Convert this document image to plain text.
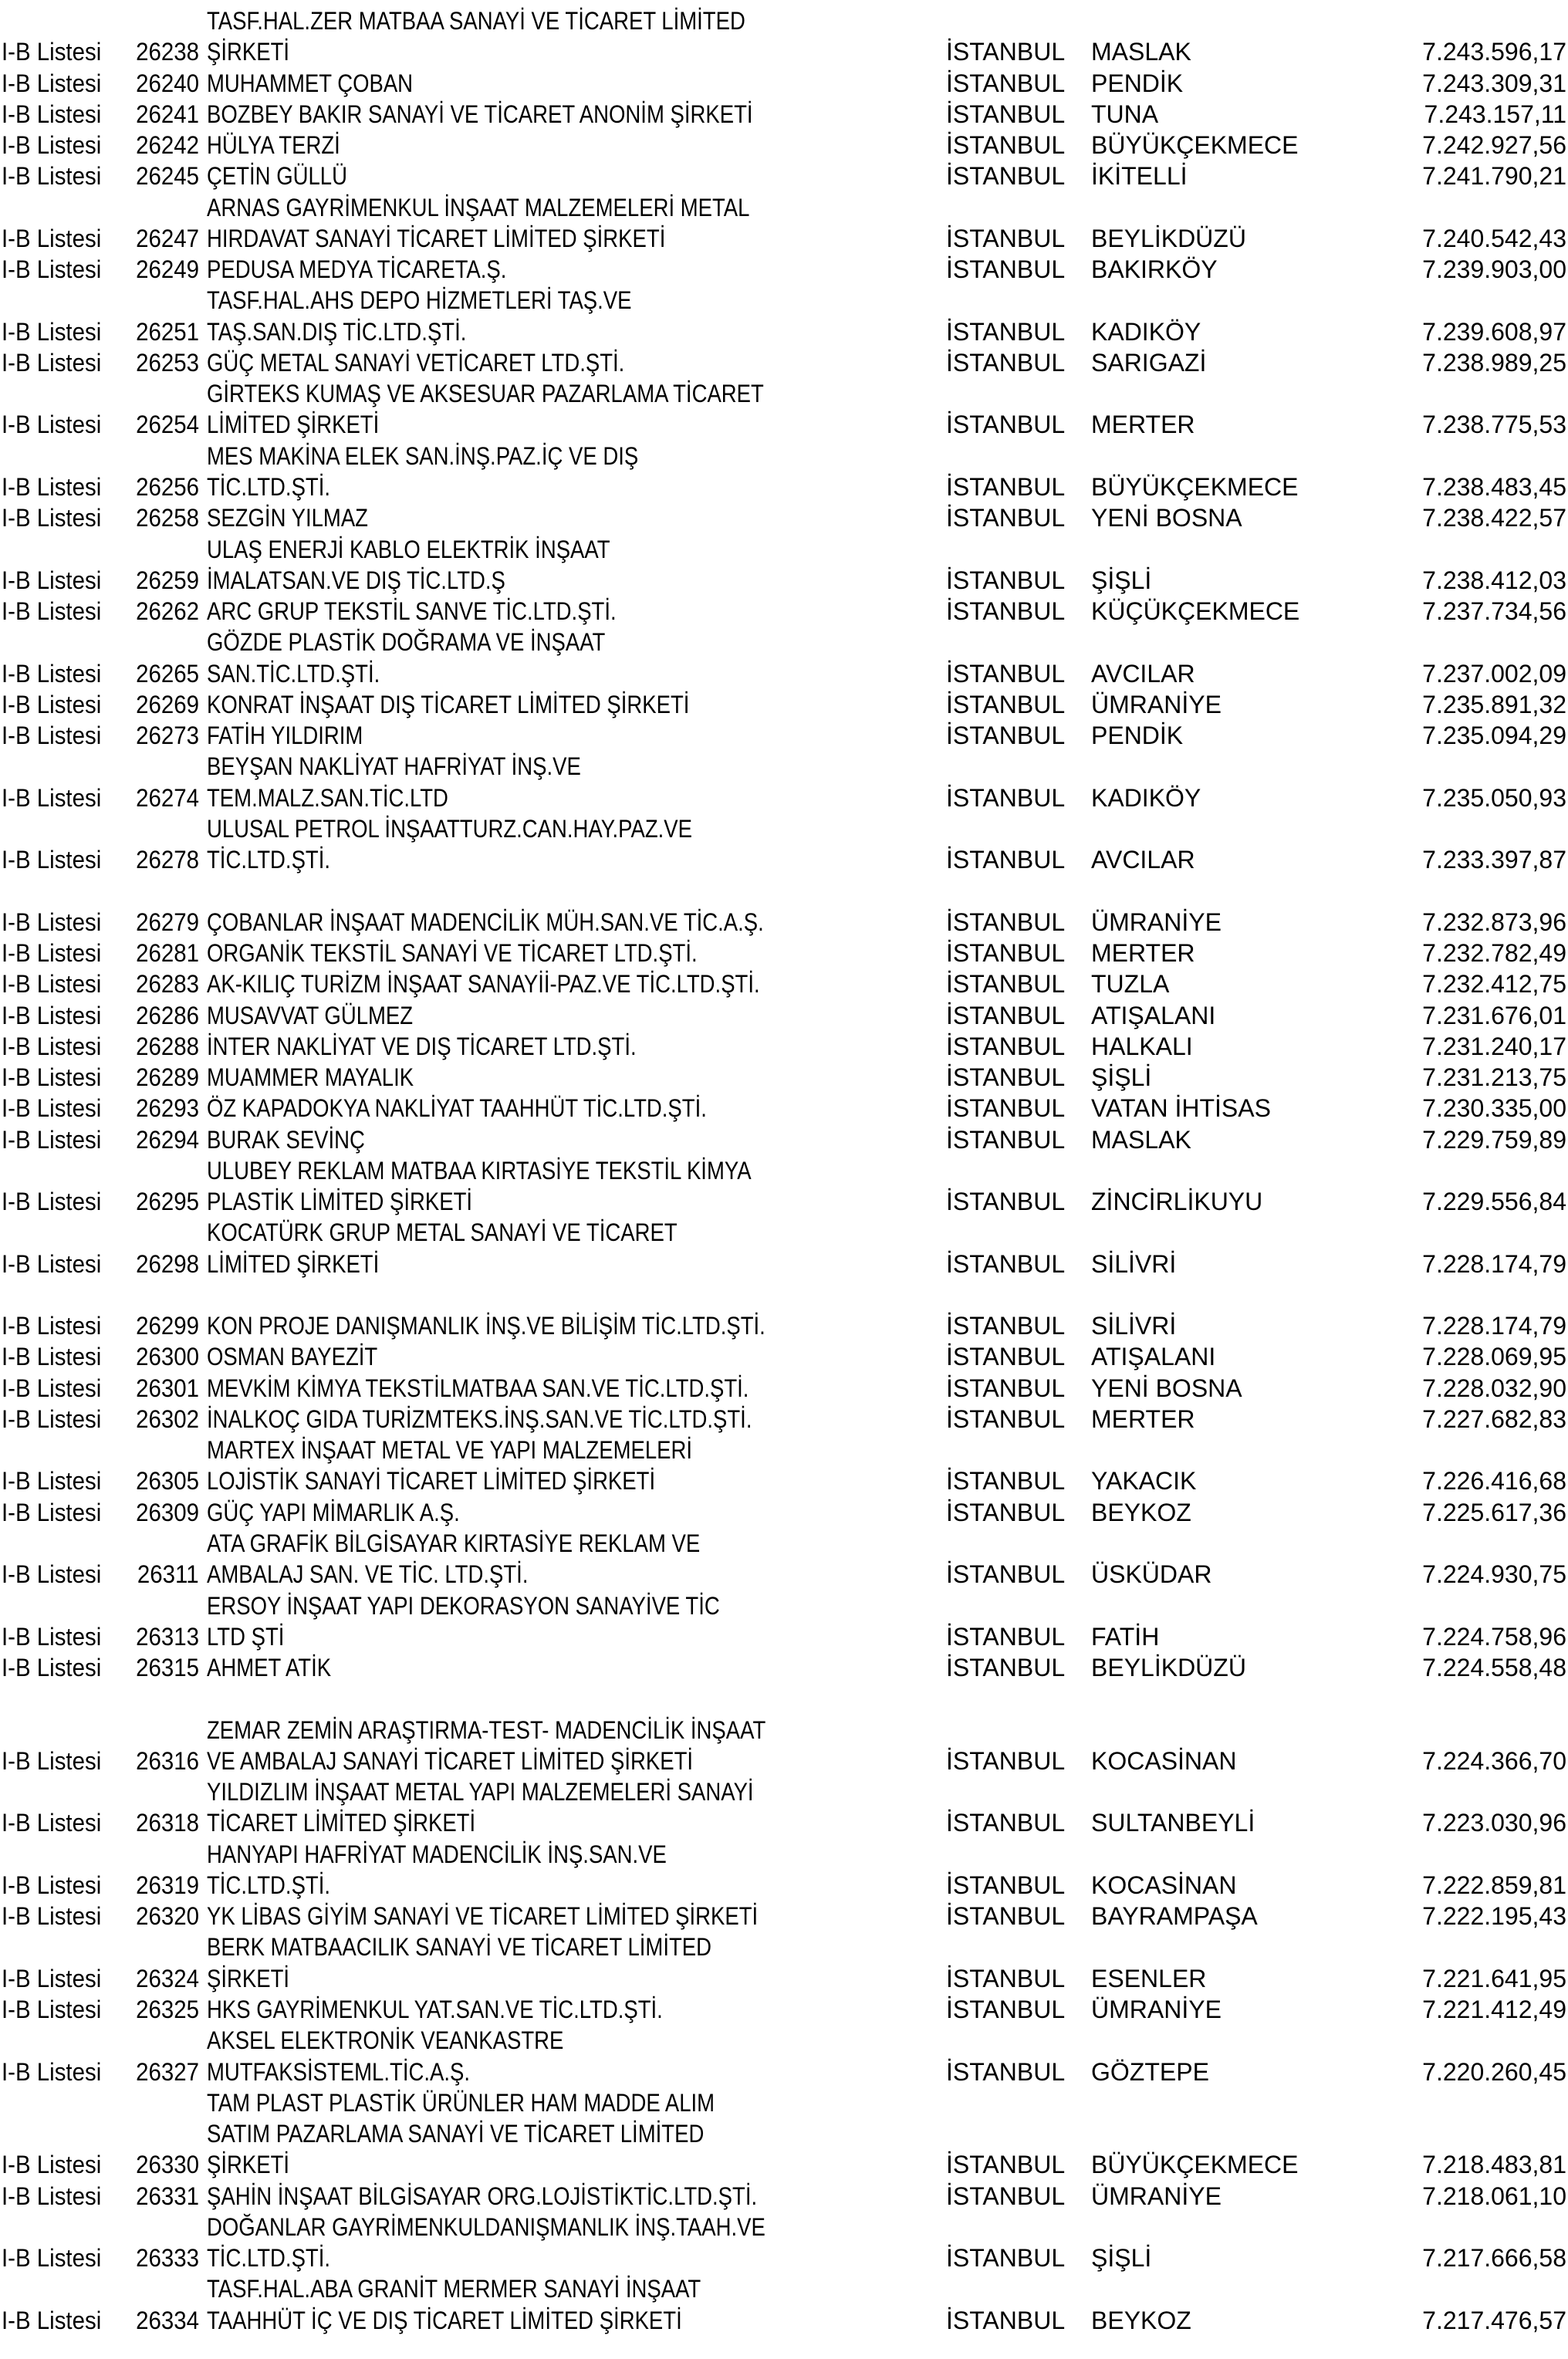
TASF.HAL.ZER MATBAA SANAYİ VE TİCARET LİMİTED
I-B Listesi 26238 ŞİRKETİ	İSTANBUL MASLAK	7.243.596,17
I-B Listesi 26240 MUHAMMET ÇOBAN	İSTANBUL PENDİK	7.243.309,31
I-B Listesi 26241 BOZBEY BAKIR SANAYİ VE TİCARET ANONİM ŞİRKETİ	İSTANBUL TUNA	7.243.157,11
I-B Listesi 26242 HÜLYA TERZİ	İSTANBUL BÜYÜKÇEKMECE	7.242.927,56
I-B Listesi 26245 ÇETİN GÜLLÜ	İSTANBUL İKİTELLİ	7.241.790,21
ARNAS GAYRİMENKUL İNŞAAT MALZEMELERİ METAL
I-B Listesi 26247 HIRDAVAT SANAYİ TİCARET LİMİTED ŞİRKETİ	İSTANBUL BEYLİKDÜZÜ	7.240.542,43
I-B Listesi 26249 PEDUSA MEDYA TİCARETA.Ş.	İSTANBUL BAKIRKÖY	7.239.903,00
TASF.HAL.AHS DEPO HİZMETLERİ TAŞ.VE
I-B Listesi 26251 TAŞ.SAN.DIŞ TİC.LTD.ŞTİ.	İSTANBUL KADIKÖY	7.239.608,97
I-B Listesi 26253 GÜÇ METAL SANAYİ VETİCARET LTD.ŞTİ.	İSTANBUL SARIGAZİ	7.238.989,25
GİRTEKS KUMAŞ VE AKSESUAR PAZARLAMA TİCARET
I-B Listesi 26254 LİMİTED ŞİRKETİ	İSTANBUL MERTER	7.238.775,53
MES MAKİNA ELEK SAN.İNŞ.PAZ.İÇ VE DIŞ
I-B Listesi 26256 TİC.LTD.ŞTİ.	İSTANBUL BÜYÜKÇEKMECE	7.238.483,45
I-B Listesi 26258 SEZGİN YILMAZ	İSTANBUL YENİ BOSNA	7.238.422,57
ULAŞ ENERJİ KABLO ELEKTRİK İNŞAAT
I-B Listesi 26259 İMALATSAN.VE DIŞ TİC.LTD.Ş	İSTANBUL ŞİŞLİ	7.238.412,03
I-B Listesi 26262 ARC GRUP TEKSTİL SANVE TİC.LTD.ŞTİ.	İSTANBUL KÜÇÜKÇEKMECE	7.237.734,56
GÖZDE PLASTİK DOĞRAMA VE İNŞAAT
I-B Listesi 26265 SAN.TİC.LTD.ŞTİ.	İSTANBUL AVCILAR	7.237.002,09
I-B Listesi 26269 KONRAT İNŞAAT DIŞ TİCARET LİMİTED ŞİRKETİ	İSTANBUL ÜMRANİYE	7.235.891,32
I-B Listesi 26273 FATİH YILDIRIM	İSTANBUL PENDİK	7.235.094,29
BEYŞAN NAKLİYAT HAFRİYAT İNŞ.VE
I-B Listesi 26274 TEM.MALZ.SAN.TİC.LTD	İSTANBUL KADIKÖY	7.235.050,93
ULUSAL PETROL İNŞAATTURZ.CAN.HAY.PAZ.VE
I-B Listesi 26278 TİC.LTD.ŞTİ.	İSTANBUL AVCILAR	7.233.397,87
I-B Listesi 26279 ÇOBANLAR İNŞAAT MADENCİLİK MÜH.SAN.VE TİC.A.Ş.	İSTANBUL ÜMRANİYE	7.232.873,96
I-B Listesi 26281 ORGANİK TEKSTİL SANAYİ VE TİCARET LTD.ŞTİ.	İSTANBUL MERTER	7.232.782,49
I-B Listesi 26283 AK-KILIÇ TURİZM İNŞAAT SANAYİİ-PAZ.VE TİC.LTD.ŞTİ.	İSTANBUL TUZLA	7.232.412,75
I-B Listesi 26286 MUSAVVAT GÜLMEZ	İSTANBUL ATIŞALANI	7.231.676,01
I-B Listesi 26288 İNTER NAKLİYAT VE DIŞ TİCARET LTD.ŞTİ.	İSTANBUL HALKALI	7.231.240,17
I-B Listesi 26289 MUAMMER MAYALIK	İSTANBUL ŞİŞLİ	7.231.213,75
I-B Listesi 26293 ÖZ KAPADOKYA NAKLİYAT TAAHHÜT TİC.LTD.ŞTİ.	İSTANBUL VATAN İHTİSAS	7.230.335,00
I-B Listesi 26294 BURAK SEVİNÇ	İSTANBUL MASLAK	7.229.759,89
ULUBEY REKLAM MATBAA KIRTASİYE TEKSTİL KİMYA
I-B Listesi 26295 PLASTİK LİMİTED ŞİRKETİ	İSTANBUL ZİNCİRLİKUYU	7.229.556,84
KOCATÜRK GRUP METAL SANAYİ VE TİCARET
I-B Listesi 26298 LİMİTED ŞİRKETİ	İSTANBUL SİLİVRİ	7.228.174,79
I-B Listesi 26299 KON PROJE DANIŞMANLIK İNŞ.VE BİLİŞİM TİC.LTD.ŞTİ.	İSTANBUL SİLİVRİ	7.228.174,79
I-B Listesi 26300 OSMAN BAYEZİT	İSTANBUL ATIŞALANI	7.228.069,95
I-B Listesi 26301 MEVKİM KİMYA TEKSTİLMATBAA SAN.VE TİC.LTD.ŞTİ.	İSTANBUL YENİ BOSNA	7.228.032,90
I-B Listesi 26302 İNALKOÇ GIDA TURİZMTEKS.İNŞ.SAN.VE TİC.LTD.ŞTİ.	İSTANBUL MERTER	7.227.682,83
MARTEX İNŞAAT METAL VE YAPI MALZEMELERİ
I-B Listesi 26305 LOJİSTİK SANAYİ TİCARET LİMİTED ŞİRKETİ	İSTANBUL YAKACIK	7.226.416,68
I-B Listesi 26309 GÜÇ YAPI MİMARLIK A.Ş.	İSTANBUL BEYKOZ	7.225.617,36
ATA GRAFİK BİLGİSAYAR KIRTASİYE REKLAM VE
I-B Listesi 26311 AMBALAJ SAN. VE TİC. LTD.ŞTİ.	İSTANBUL ÜSKÜDAR	7.224.930,75
ERSOY İNŞAAT YAPI DEKORASYON SANAYİVE TİC
I-B Listesi 26313 LTD ŞTİ	İSTANBUL FATİH	7.224.758,96
I-B Listesi 26315 AHMET ATİK	İSTANBUL BEYLİKDÜZÜ	7.224.558,48
ZEMAR ZEMİN ARAŞTIRMA-TEST- MADENCİLİK İNŞAAT
I-B Listesi 26316 VE AMBALAJ SANAYİ TİCARET LİMİTED ŞİRKETİ	İSTANBUL KOCASİNAN	7.224.366,70
YILDIZLIM İNŞAAT METAL YAPI MALZEMELERİ SANAYİ
I-B Listesi 26318 TİCARET LİMİTED ŞİRKETİ	İSTANBUL SULTANBEYLİ	7.223.030,96
HANYAPI HAFRİYAT MADENCİLİK İNŞ.SAN.VE
I-B Listesi 26319 TİC.LTD.ŞTİ.	İSTANBUL KOCASİNAN	7.222.859,81
I-B Listesi 26320 YK LİBAS GİYİM SANAYİ VE TİCARET LİMİTED ŞİRKETİ	İSTANBUL BAYRAMPAŞA	7.222.195,43
BERK MATBAACILIK SANAYİ VE TİCARET LİMİTED
I-B Listesi 26324 ŞİRKETİ	İSTANBUL ESENLER	7.221.641,95
I-B Listesi 26325 HKS GAYRİMENKUL YAT.SAN.VE TİC.LTD.ŞTİ.	İSTANBUL ÜMRANİYE	7.221.412,49
AKSEL ELEKTRONİK VEANKASTRE
I-B Listesi 26327 MUTFAKSİSTEML.TİC.A.Ş.	İSTANBUL GÖZTEPE	7.220.260,45
TAM PLAST PLASTİK ÜRÜNLER HAM MADDE ALIM
SATIM PAZARLAMA SANAYİ VE TİCARET LİMİTED
I-B Listesi 26330 ŞİRKETİ	İSTANBUL BÜYÜKÇEKMECE	7.218.483,81
I-B Listesi 26331 ŞAHİN İNŞAAT BİLGİSAYAR ORG.LOJİSTİKTİC.LTD.ŞTİ.	İSTANBUL ÜMRANİYE	7.218.061,10
DOĞANLAR GAYRİMENKULDANIŞMANLIK İNŞ.TAAH.VE
I-B Listesi 26333 TİC.LTD.ŞTİ.	İSTANBUL ŞİŞLİ	7.217.666,58
TASF.HAL.ABA GRANİT MERMER SANAYİ İNŞAAT
I-B Listesi 26334 TAAHHÜT İÇ VE DIŞ TİCARET LİMİTED ŞİRKETİ	İSTANBUL BEYKOZ	7.217.476,57
